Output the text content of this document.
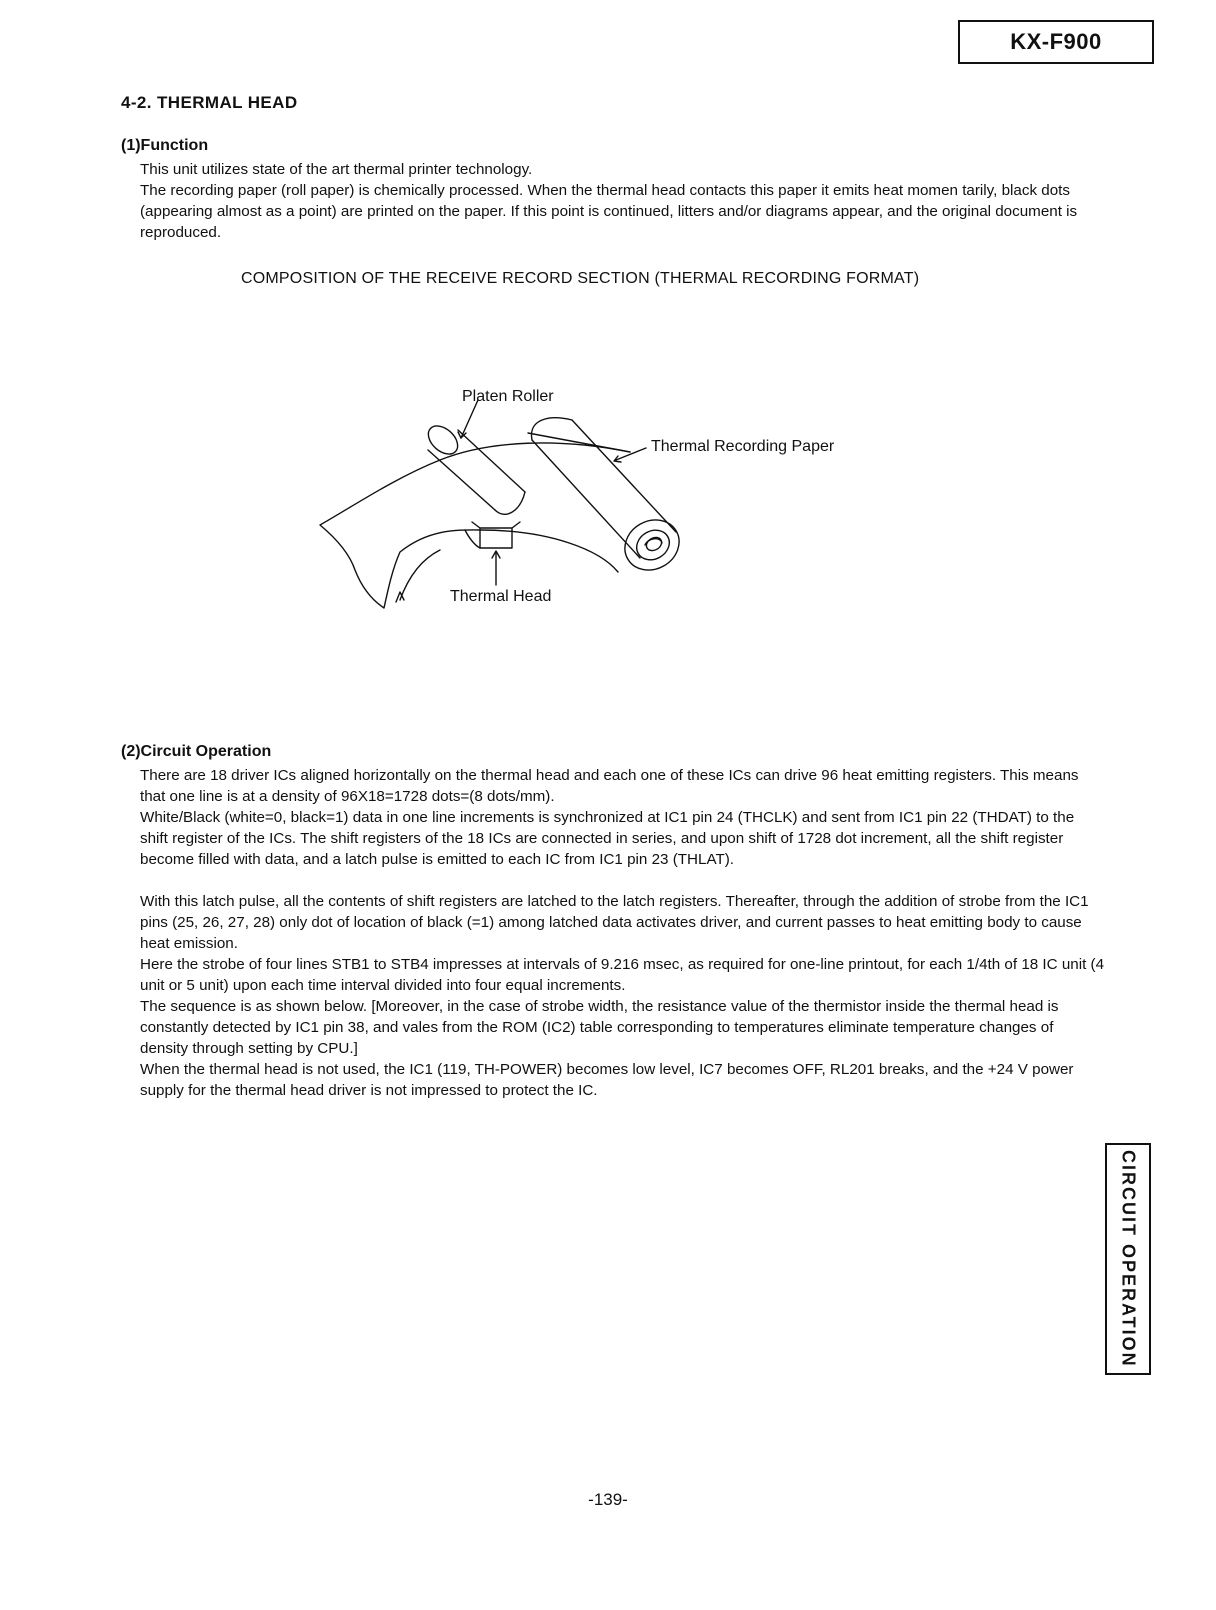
KX-F900
4-2. THERMAL HEAD
(1)Function

This unit utilizes state of the art thermal printer technology.

The recording paper (roll paper) is chemically processed. When the thermal head contacts this paper it emits heat momen tarily, black dots (appearing almost as a point) are printed on the paper. If this point is continued, litters and/or diagrams appear, and the original document is reproduced.

COMPOSITION OF THE RECEIVE RECORD SECTION (THERMAL RECORDING FORMAT)
Platen Roller
Thermal Recording Paper
Thermal Head
(2)Circuit Operation

There are 18 driver ICs aligned horizontally on the thermal head and each one of these ICs can drive 96 heat emitting registers. This means that one line is at a density of 96X18=1728 dots=(8 dots/mm).

White/Black (white=0, black=1) data in one line increments is synchronized at IC1 pin 24 (THCLK) and sent from IC1 pin 22 (THDAT) to the shift register of the ICs. The shift registers of the 18 ICs are connected in series, and upon shift of 1728 dot increment, all the shift register become filled with data, and a latch pulse is emitted to each IC from IC1 pin 23 (THLAT).

With this latch pulse, all the contents of shift registers are latched to the latch registers. Thereafter, through the addition of strobe from the IC1 pins (25, 26, 27, 28) only dot of location of black (=1) among latched data activates driver, and current passes to heat emitting body to cause heat emission.

Here the strobe of four lines STB1 to STB4 impresses at intervals of 9.216 msec, as required for one-line printout, for each 1/4th of 18 IC unit (4 unit or 5 unit) upon each time interval divided into four equal increments.

The sequence is as shown below. [Moreover, in the case of strobe width, the resistance value of the thermistor inside the thermal head is constantly detected by IC1 pin 38, and vales from the ROM (IC2) table corresponding to temperatures eliminate temperature changes of density through setting by CPU.]

When the thermal head is not used, the IC1 (119, TH-POWER) becomes low level, IC7 becomes OFF, RL201 breaks, and the +24 V power supply for the thermal head driver is not impressed to protect the IC.

CIRCUIT OPERATION
-139-
